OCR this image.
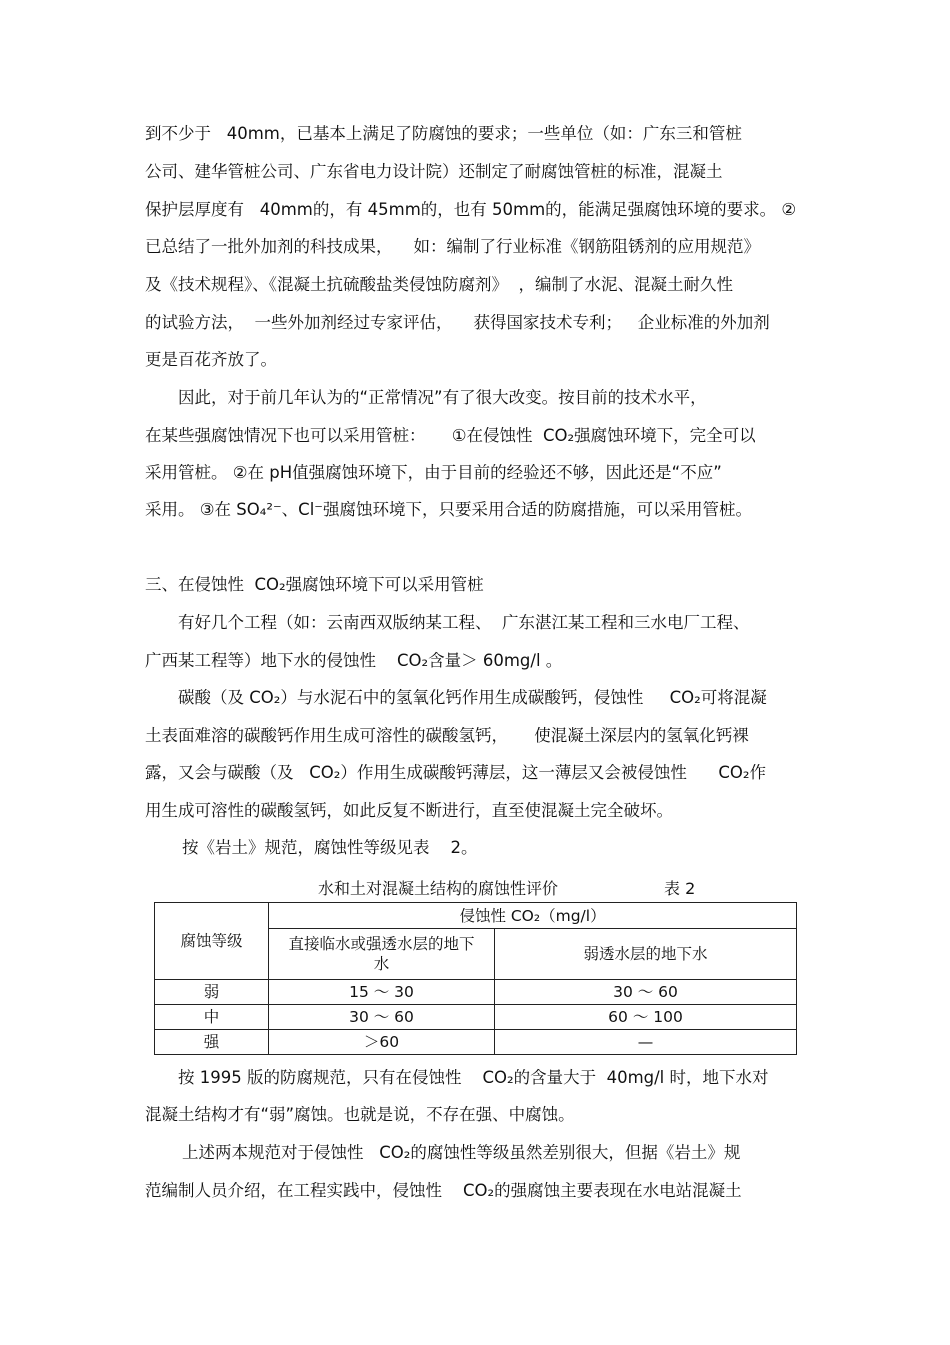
到不少于   40mm，已基本上满足了防腐蚀的要求；一些单位（如：广东三和管桩
公司、建华管桩公司、广东省电力设计院）还制定了耐腐蚀管桩的标准，混凝土
保护层厚度有   40mm的，有 45mm的，也有 50mm的，能满足强腐蚀环境的要求。 ②
已总结了一批外加剂的科技成果，    如：编制了行业标准《钢筋阻锈剂的应用规范》
及《技术规程》、《混凝土抗硫酸盐类侵蚀防腐剂》  ，编制了水泥、混凝土耐久性
的试验方法，  一些外加剂经过专家评估，    获得国家技术专利；   企业标准的外加剂
更是百花齐放了。
因此，对于前几年认为的“正常情况”有了很大改变。按目前的技术水平，
在某些强腐蚀情况下也可以采用管桩：     ①在侵蚀性  CO₂强腐蚀环境下，完全可以
采用管桩。 ②在 pH值强腐蚀环境下，由于目前的经验还不够，因此还是“不应”
采用。 ③在 SO₄²⁻、Cl⁻强腐蚀环境下，只要采用合适的防腐措施，可以采用管桩。
三、在侵蚀性  CO₂强腐蚀环境下可以采用管桩
有好几个工程（如：云南西双版纳某工程、  广东湛江某工程和三水电厂工程、
广西某工程等）地下水的侵蚀性    CO₂含量＞ 60mg/l 。
碳酸（及 CO₂）与水泥石中的氢氧化钙作用生成碳酸钙，侵蚀性     CO₂可将混凝
土表面难溶的碳酸钙作用生成可溶性的碳酸氢钙，     使混凝土深层内的氢氧化钙裸
露，又会与碳酸（及   CO₂）作用生成碳酸钙薄层，这一薄层又会被侵蚀性      CO₂作
用生成可溶性的碳酸氢钙，如此反复不断进行，直至使混凝土完全破坏。
按《岩土》规范，腐蚀性等级见表    2。
水和土对混凝土结构的腐蚀性评价	表 2
腐蚀等级	侵蚀性 CO₂（mg/l）	
	直接临水或强透水层的地下水	弱透水层的地下水
弱	15 ～ 30	30 ～ 60
中	30 ～ 60	60 ～ 100
强	＞60	—
按 1995 版的防腐规范，只有在侵蚀性    CO₂的含量大于  40mg/l 时，地下水对
混凝土结构才有“弱”腐蚀。也就是说，不存在强、中腐蚀。
上述两本规范对于侵蚀性   CO₂的腐蚀性等级虽然差别很大，但据《岩土》规
范编制人员介绍，在工程实践中，侵蚀性    CO₂的强腐蚀主要表现在水电站混凝土
